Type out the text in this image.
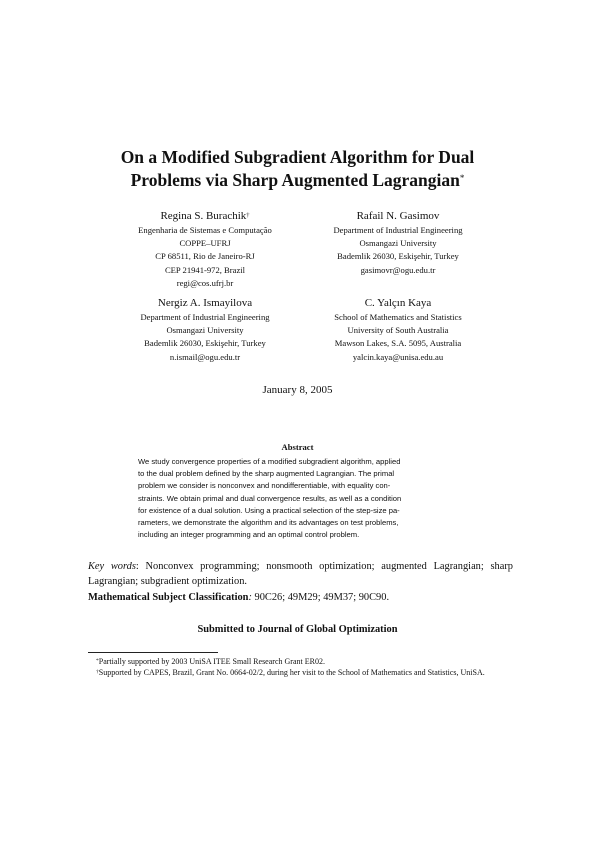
On a Modified Subgradient Algorithm for Dual
Problems via Sharp Augmented Lagrangian*
Regina S. Burachik†
Engenharia de Sistemas e Computação
COPPE–UFRJ
CP 68511, Rio de Janeiro-RJ
CEP 21941-972, Brazil
regi@cos.ufrj.br
Rafail N. Gasimov
Department of Industrial Engineering
Osmangazi University
Bademlik 26030, Eskişehir, Turkey
gasimovr@ogu.edu.tr
Nergiz A. Ismayilova
Department of Industrial Engineering
Osmangazi University
Bademlik 26030, Eskişehir, Turkey
n.ismail@ogu.edu.tr
C. Yalçın Kaya
School of Mathematics and Statistics
University of South Australia
Mawson Lakes, S.A. 5095, Australia
yalcin.kaya@unisa.edu.au
January 8, 2005
Abstract
We study convergence properties of a modified subgradient algorithm, applied
to the dual problem defined by the sharp augmented Lagrangian. The primal
problem we consider is nonconvex and nondifferentiable, with equality con-
straints. We obtain primal and dual convergence results, as well as a condition
for existence of a dual solution. Using a practical selection of the step-size pa-
rameters, we demonstrate the algorithm and its advantages on test problems,
including an integer programming and an optimal control problem.
Key words: Nonconvex programming; nonsmooth optimization; augmented Lagrangian; sharp Lagrangian; subgradient optimization.
Mathematical Subject Classification: 90C26; 49M29; 49M37; 90C90.
Submitted to Journal of Global Optimization
*Partially supported by 2003 UniSA ITEE Small Research Grant ER02.
†Supported by CAPES, Brazil, Grant No. 0664-02/2, during her visit to the School of Mathematics and Statistics, UniSA.
